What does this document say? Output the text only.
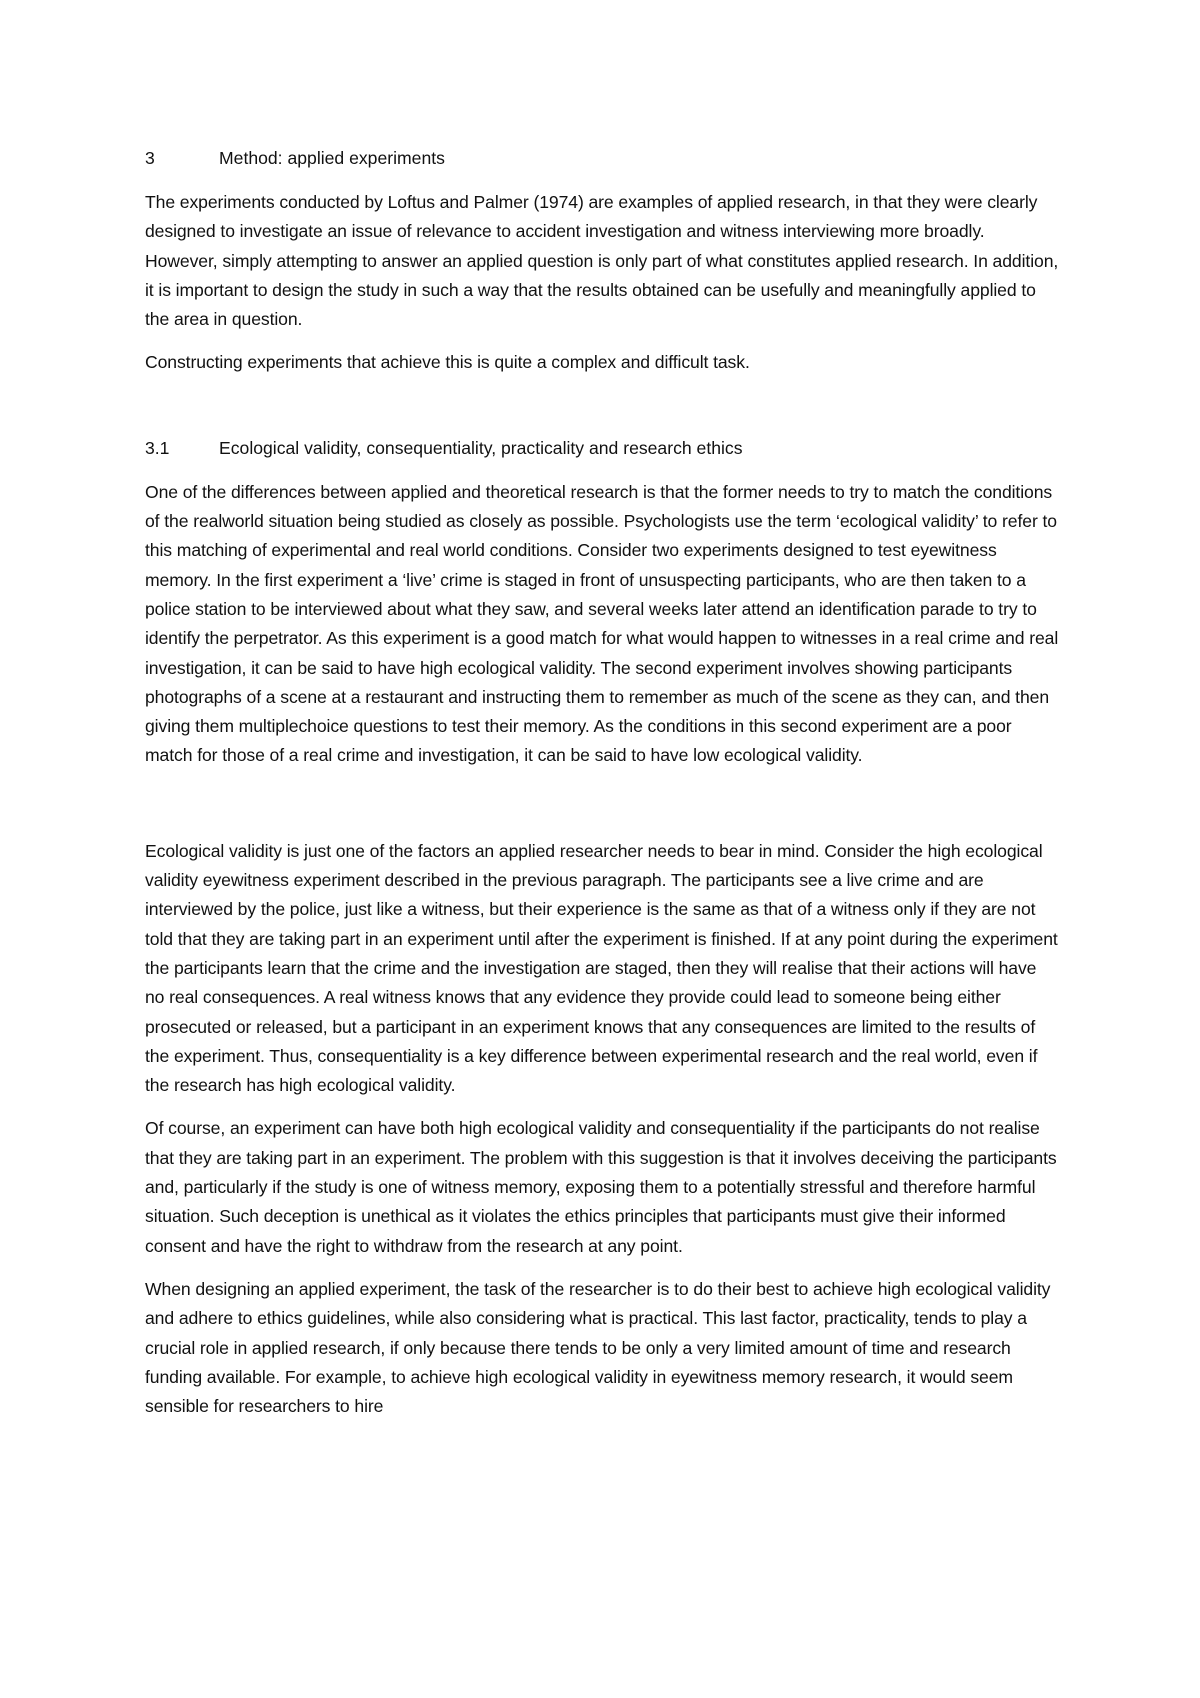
3	Method: applied experiments

The experiments conducted by Loftus and Palmer (1974) are examples of applied research, in that they were clearly designed to investigate an issue of relevance to accident investigation and witness interviewing more broadly. However, simply attempting to answer an applied question is only part of what constitutes applied research. In addition, it is important to design the study in such a way that the results obtained can be usefully and meaningfully applied to the area in question.

Constructing experiments that achieve this is quite a complex and difficult task.

3.1	Ecological validity, consequentiality, practicality and research ethics

One of the differences between applied and theoretical research is that the former needs to try to match the conditions of the realworld situation being studied as closely as possible. Psychologists use the term ‘ecological validity’ to refer to this matching of experimental and real world conditions. Consider two experiments designed to test eyewitness memory. In the first experiment a ‘live’ crime is staged in front of unsuspecting participants, who are then taken to a police station to be interviewed about what they saw, and several weeks later attend an identification parade to try to identify the perpetrator. As this experiment is a good match for what would happen to witnesses in a real crime and real investigation, it can be said to have high ecological validity. The second experiment involves showing participants photographs of a scene at a restaurant and instructing them to remember as much of the scene as they can, and then giving them multiplechoice questions to test their memory. As the conditions in this second experiment are a poor match for those of a real crime and investigation, it can be said to have low ecological validity.

Ecological validity is just one of the factors an applied researcher needs to bear in mind. Consider the high ecological validity eyewitness experiment described in the previous paragraph. The participants see a live crime and are interviewed by the police, just like a witness, but their experience is the same as that of a witness only if they are not told that they are taking part in an experiment until after the experiment is finished. If at any point during the experiment the participants learn that the crime and the investigation are staged, then they will realise that their actions will have no real consequences. A real witness knows that any evidence they provide could lead to someone being either prosecuted or released, but a participant in an experiment knows that any consequences are limited to the results of the experiment. Thus, consequentiality is a key difference between experimental research and the real world, even if the research has high ecological validity.

Of course, an experiment can have both high ecological validity and consequentiality if the participants do not realise that they are taking part in an experiment. The problem with this suggestion is that it involves deceiving the participants and, particularly if the study is one of witness memory, exposing them to a potentially stressful and therefore harmful situation. Such deception is unethical as it violates the ethics principles that participants must give their informed consent and have the right to withdraw from the research at any point.

When designing an applied experiment, the task of the researcher is to do their best to achieve high ecological validity and adhere to ethics guidelines, while also considering what is practical. This last factor, practicality, tends to play a crucial role in applied research, if only because there tends to be only a very limited amount of time and research funding available. For example, to achieve high ecological validity in eyewitness memory research, it would seem sensible for researchers to hire
